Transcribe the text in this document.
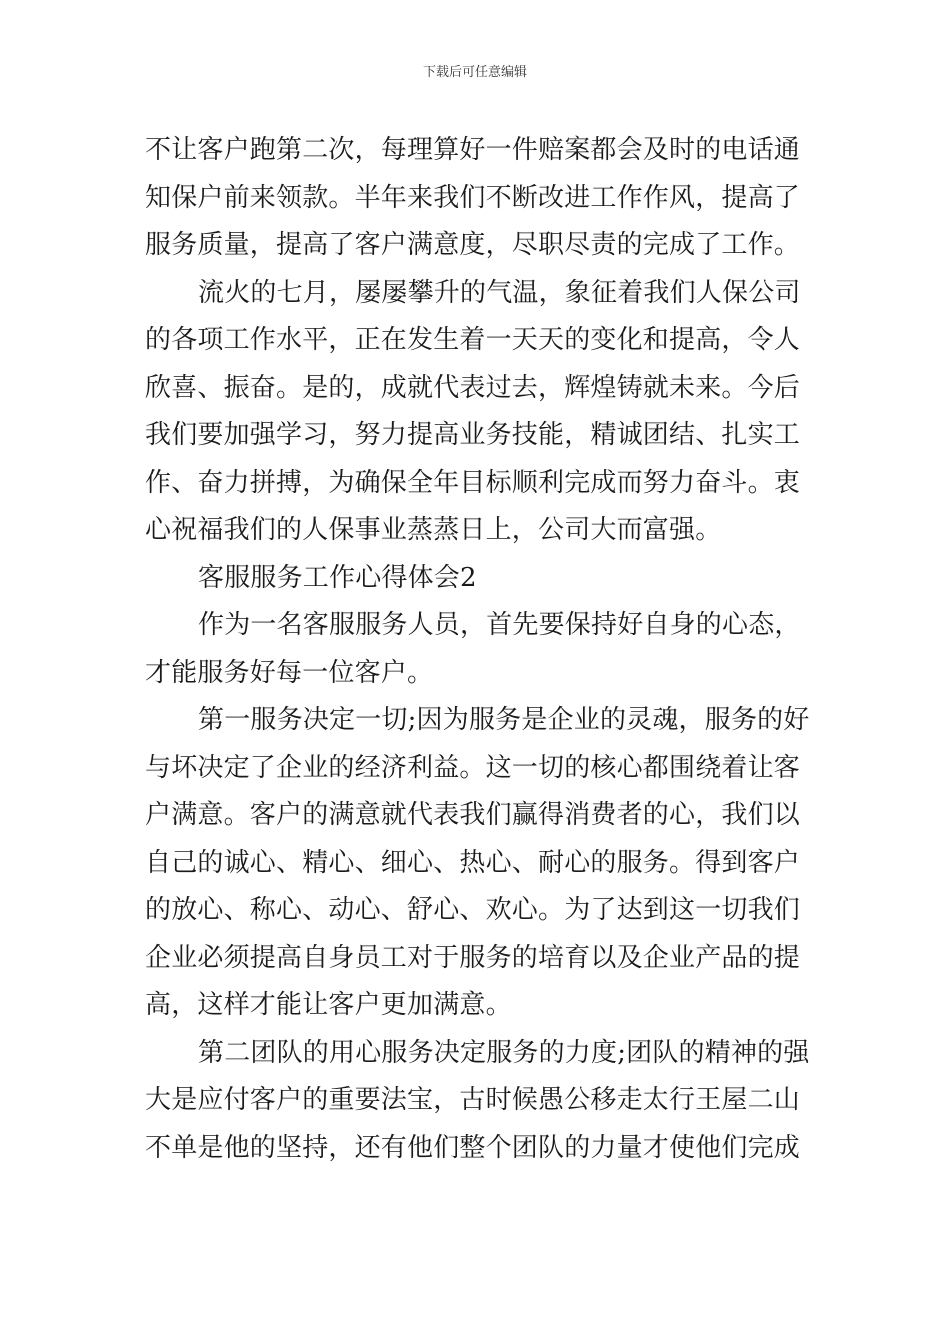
下载后可任意编辑
不让客户跑第二次，每理算好一件赔案都会及时的电话通
知保户前来领款。半年来我们不断改进工作作风，提高了
服务质量，提高了客户满意度，尽职尽责的完成了工作。
流火的七月，屡屡攀升的气温，象征着我们人保公司
的各项工作水平，正在发生着一天天的变化和提高，令人
欣喜、振奋。是的，成就代表过去，辉煌铸就未来。今后
我们要加强学习，努力提高业务技能，精诚团结、扎实工
作、奋力拼搏，为确保全年目标顺利完成而努力奋斗。衷
心祝福我们的人保事业蒸蒸日上，公司大而富强。
客服服务工作心得体会2
作为一名客服服务人员，首先要保持好自身的心态，
才能服务好每一位客户。
第一服务决定一切;因为服务是企业的灵魂，服务的好
与坏决定了企业的经济利益。这一切的核心都围绕着让客
户满意。客户的满意就代表我们赢得消费者的心，我们以
自己的诚心、精心、细心、热心、耐心的服务。得到客户
的放心、称心、动心、舒心、欢心。为了达到这一切我们
企业必须提高自身员工对于服务的培育以及企业产品的提
高，这样才能让客户更加满意。
第二团队的用心服务决定服务的力度;团队的精神的强
大是应付客户的重要法宝，古时候愚公移走太行王屋二山
不单是他的坚持，还有他们整个团队的力量才使他们完成
